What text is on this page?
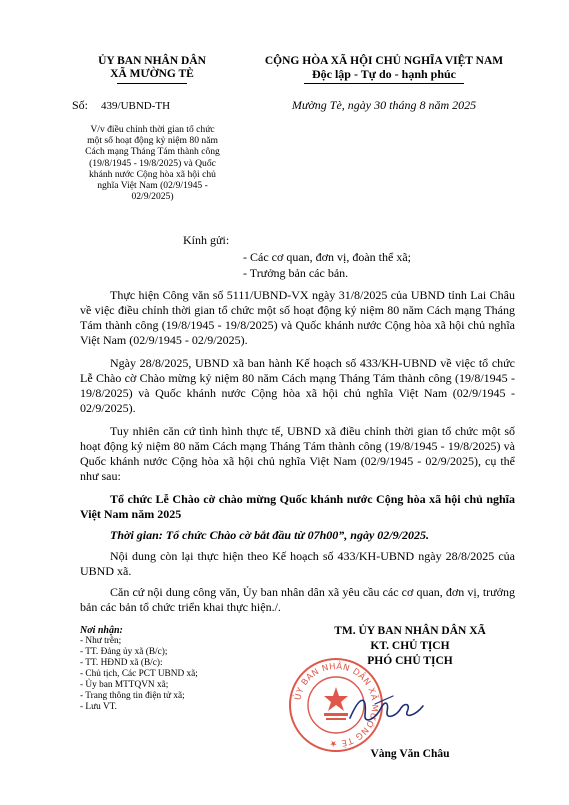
ỦY BAN NHÂN DÂN
XÃ MƯỜNG TÈ
CỘNG HÒA XÃ HỘI CHỦ NGHĨA VIỆT NAM
Độc lập - Tự do - hạnh phúc
Số: 439/UBND-TH	Mường Tè, ngày 30 tháng 8 năm 2025
V/v điều chỉnh thời gian tổ chức
một số hoạt động kỷ niệm 80 năm
Cách mạng Tháng Tám thành công
(19/8/1945 - 19/8/2025) và Quốc
khánh nước Cộng hòa xã hội chủ
nghĩa Việt Nam (02/9/1945 -
02/9/2025)
Kính gửi:
- Các cơ quan, đơn vị, đoàn thể xã;
- Trưởng bản các bản.
Thực hiện Công văn số 5111/UBND-VX ngày 31/8/2025 của UBND tỉnh Lai Châu về việc điều chỉnh thời gian tổ chức một số hoạt động kỷ niệm 80 năm Cách mạng Tháng Tám thành công (19/8/1945 - 19/8/2025) và Quốc khánh nước Cộng hòa xã hội chủ nghĩa Việt Nam (02/9/1945 - 02/9/2025).
Ngày 28/8/2025, UBND xã ban hành Kế hoạch số 433/KH-UBND về việc tổ chức Lễ Chào cờ Chào mừng kỷ niệm 80 năm Cách mạng Tháng Tám thành công (19/8/1945 - 19/8/2025) và Quốc khánh nước Cộng hòa xã hội chủ nghĩa Việt Nam (02/9/1945 - 02/9/2025).
Tuy nhiên căn cứ tình hình thực tế, UBND xã điều chỉnh thời gian tổ chức một số hoạt động kỷ niệm 80 năm Cách mạng Tháng Tám thành công (19/8/1945 - 19/8/2025) và Quốc khánh nước Cộng hòa xã hội chủ nghĩa Việt Nam (02/9/1945 - 02/9/2025), cụ thể như sau:
Tổ chức Lễ Chào cờ chào mừng Quốc khánh nước Cộng hòa xã hội chủ nghĩa Việt Nam năm 2025
Thời gian: Tổ chức Chào cờ bắt đầu từ 07h00”, ngày 02/9/2025.
Nội dung còn lại thực hiện theo Kế hoạch số 433/KH-UBND ngày 28/8/2025 của UBND xã.
Căn cứ nội dung công văn, Ủy ban nhân dân xã yêu cầu các cơ quan, đơn vị, trưởng bản các bản tổ chức triển khai thực hiện./.
Nơi nhận:
- Như trên;
- TT. Đảng ủy xã (B/c);
- TT. HĐND xã (B/c):
- Chủ tịch, Các PCT UBND xã;
- Ủy ban MTTQVN xã;
- Trang thông tin điện tử xã;
- Lưu VT.
TM. ỦY BAN NHÂN DÂN XÃ
KT. CHỦ TỊCH
PHÓ CHỦ TỊCH
ỦY BAN NHÂN DÂN XÃ MƯỜNG TÈ ★
Vàng Văn Châu
